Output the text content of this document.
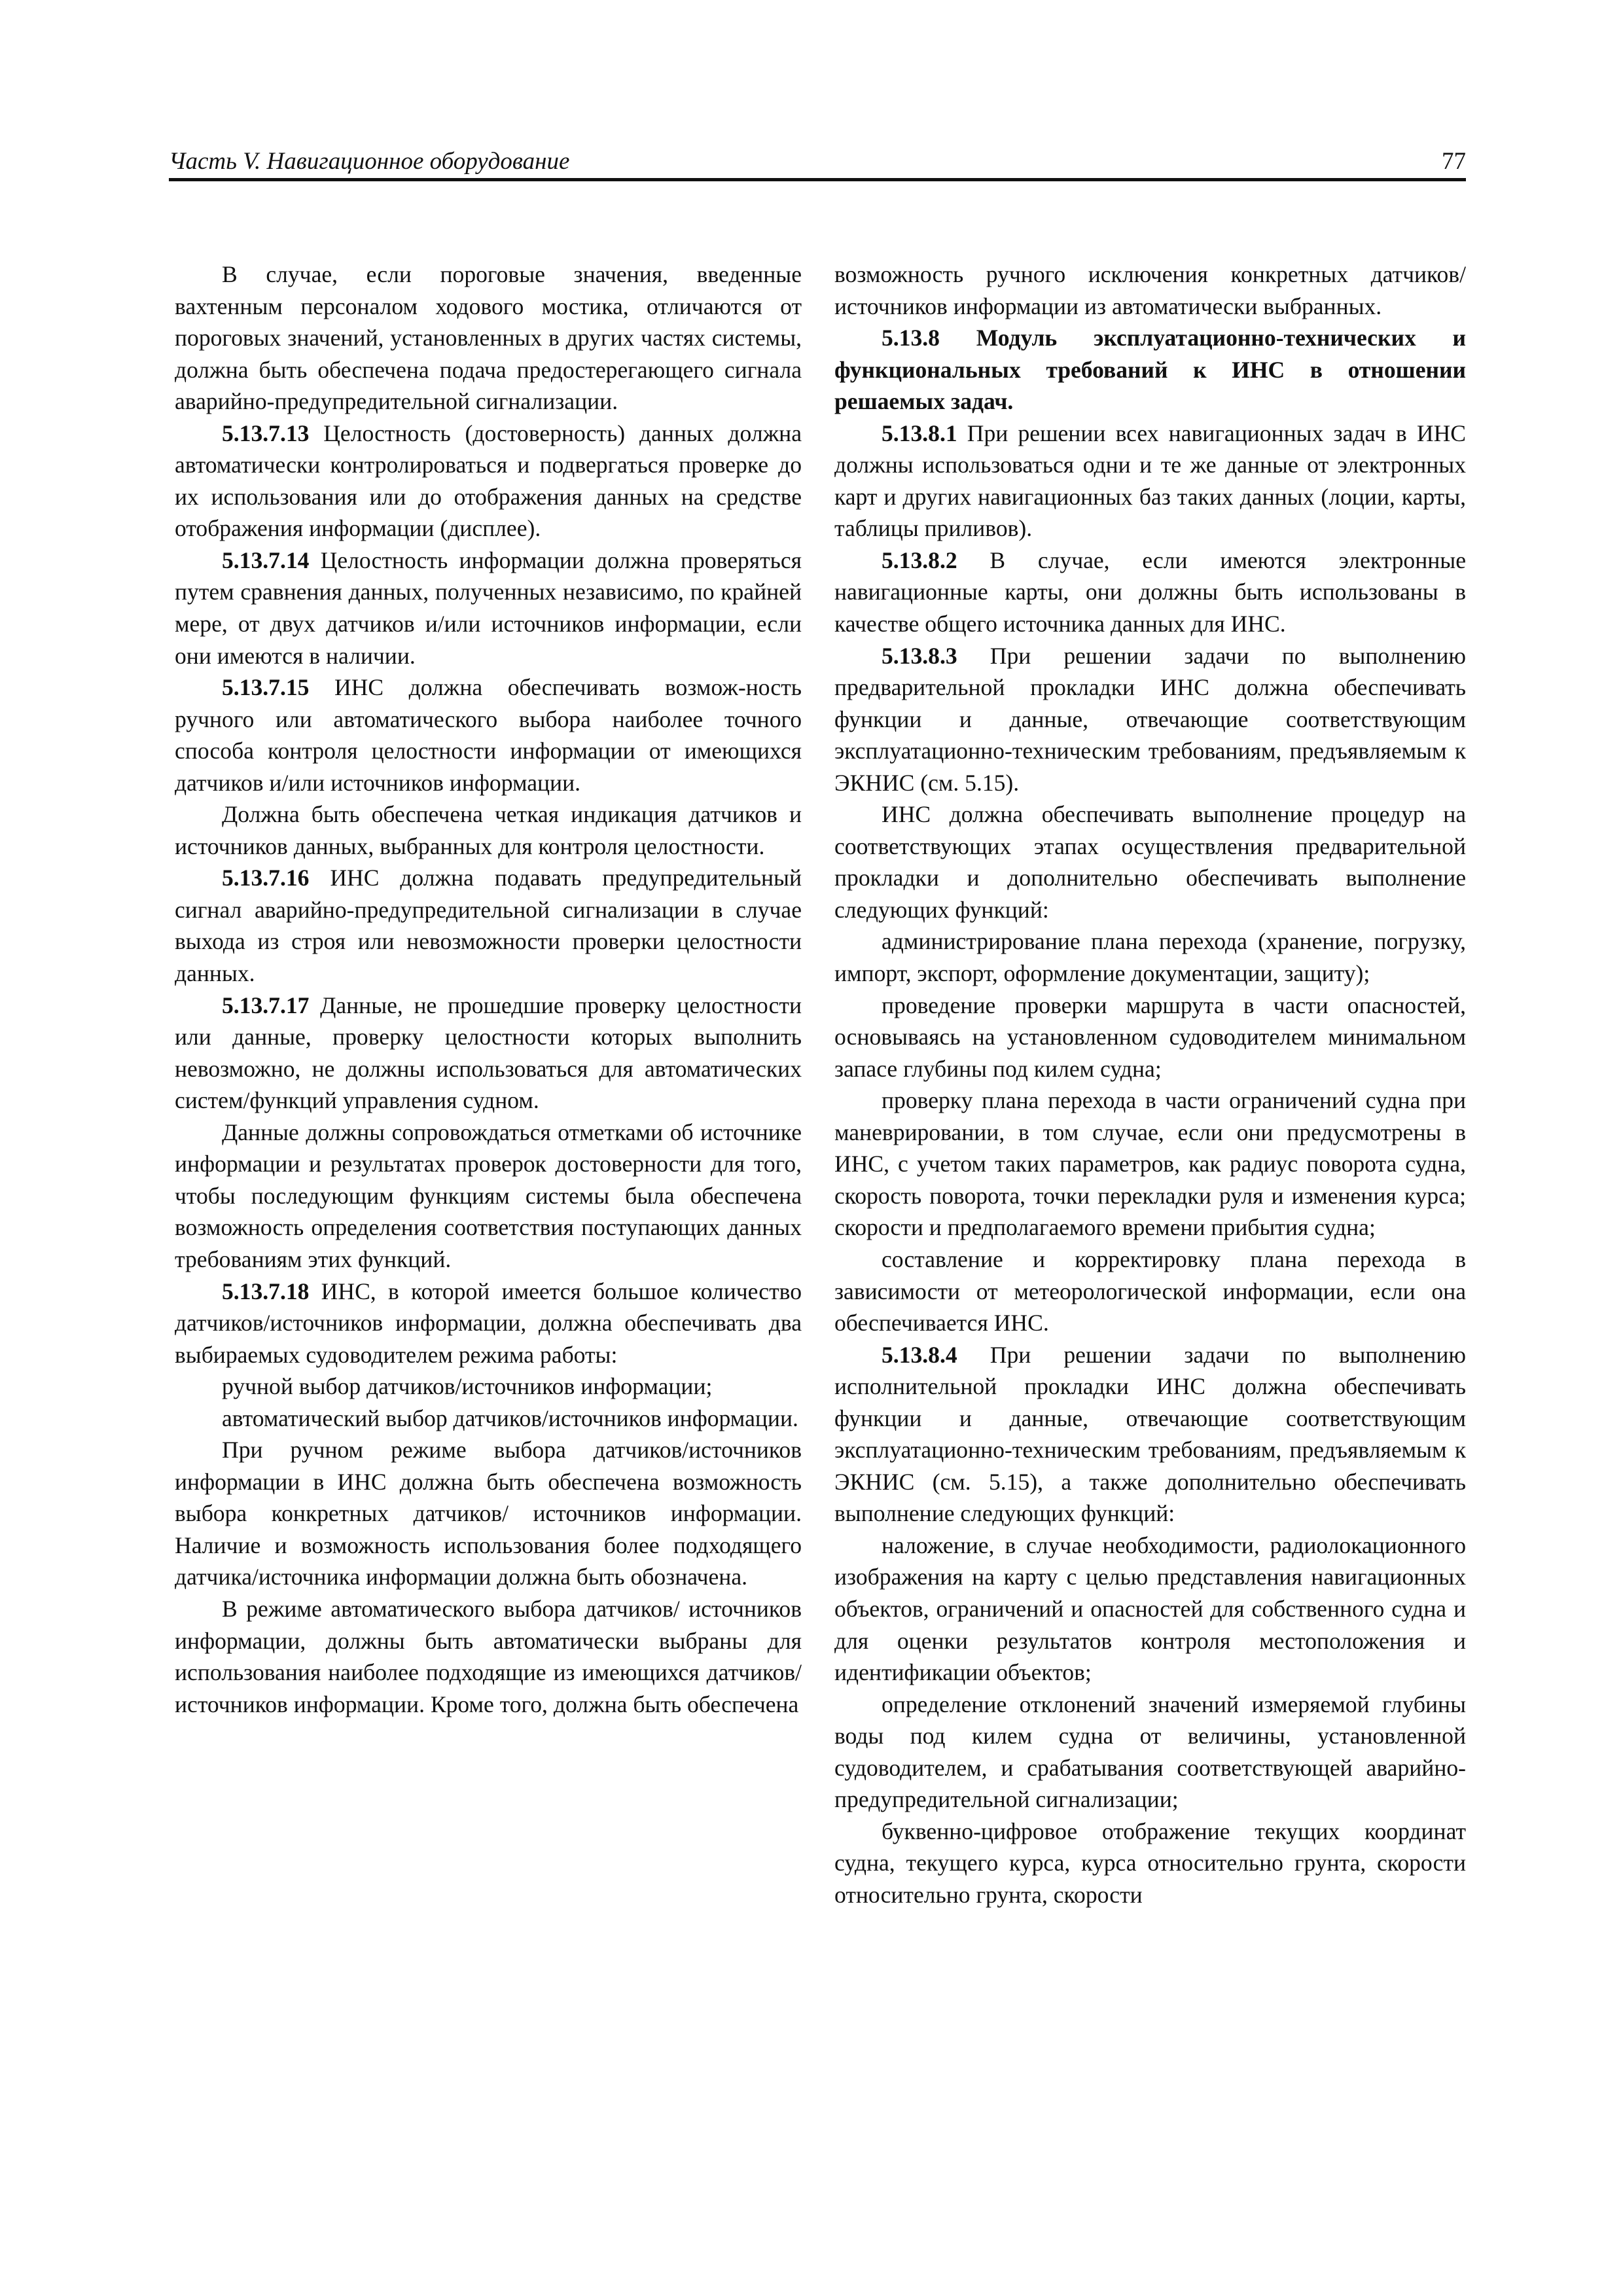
Часть V. Навигационное оборудование	77

В случае, если пороговые значения, введенные вахтенным персоналом ходового мостика, отличаются от пороговых значений, установленных в других частях системы, должна быть обеспечена подача предостерегающего сигнала аварийно-предупредительной сигнализации.

5.13.7.13 Целостность (достоверность) данных должна автоматически контролироваться и подвергаться проверке до их использования или до отображения данных на средстве отображения информации (дисплее).

5.13.7.14 Целостность информации должна проверяться путем сравнения данных, полученных независимо, по крайней мере, от двух датчиков и/или источников информации, если они имеются в наличии.

5.13.7.15 ИНС должна обеспечивать возмож-ность ручного или автоматического выбора наиболее точного способа контроля целостности информации от имеющихся датчиков и/или источников информации.

Должна быть обеспечена четкая индикация датчиков и источников данных, выбранных для контроля целостности.

5.13.7.16 ИНС должна подавать предупредительный сигнал аварийно-предупредительной сигнализации в случае выхода из строя или невозможности проверки целостности данных.

5.13.7.17 Данные, не прошедшие проверку целостности или данные, проверку целостности которых выполнить невозможно, не должны использоваться для автоматических систем/функций управления судном.

Данные должны сопровождаться отметками об источнике информации и результатах проверок достоверности для того, чтобы последующим функциям системы была обеспечена возможность определения соответствия поступающих данных требованиям этих функций.

5.13.7.18 ИНС, в которой имеется большое количество датчиков/источников информации, должна обеспечивать два выбираемых судоводителем режима работы:

ручной выбор датчиков/источников информации;

автоматический выбор датчиков/источников информации.

При ручном режиме выбора датчиков/источников информации в ИНС должна быть обеспечена возможность выбора конкретных датчиков/ источников информации. Наличие и возможность использования более подходящего датчика/источника информации должна быть обозначена.

В режиме автоматического выбора датчиков/ источников информации, должны быть автоматически выбраны для использования наиболее подходящие из имеющихся датчиков/источников информации. Кроме того, должна быть обеспечена

возможность ручного исключения конкретных датчиков/источников информации из автоматически выбранных.

5.13.8 Модуль эксплуатационно-технических и функциональных требований к ИНС в отношении решаемых задач.

5.13.8.1 При решении всех навигационных задач в ИНС должны использоваться одни и те же данные от электронных карт и других навигационных баз таких данных (лоции, карты, таблицы приливов).

5.13.8.2 В случае, если имеются электронные навигационные карты, они должны быть использованы в качестве общего источника данных для ИНС.

5.13.8.3 При решении задачи по выполнению предварительной прокладки ИНС должна обеспечивать функции и данные, отвечающие соответствующим эксплуатационно-техническим требованиям, предъявляемым к ЭКНИС (см. 5.15).

ИНС должна обеспечивать выполнение процедур на соответствующих этапах осуществления предварительной прокладки и дополнительно обеспечивать выполнение следующих функций:

администрирование плана перехода (хранение, погрузку, импорт, экспорт, оформление документации, защиту);

проведение проверки маршрута в части опасностей, основываясь на установленном судоводителем минимальном запасе глубины под килем судна;

проверку плана перехода в части ограничений судна при маневрировании, в том случае, если они предусмотрены в ИНС, с учетом таких параметров, как радиус поворота судна, скорость поворота, точки перекладки руля и изменения курса; скорости и предполагаемого времени прибытия судна;

составление и корректировку плана перехода в зависимости от метеорологической информации, если она обеспечивается ИНС.

5.13.8.4 При решении задачи по выполнению исполнительной прокладки ИНС должна обеспечивать функции и данные, отвечающие соответствующим эксплуатационно-техническим требованиям, предъявляемым к ЭКНИС (см. 5.15), а также дополнительно обеспечивать выполнение следующих функций:

наложение, в случае необходимости, радиолокационного изображения на карту с целью представления навигационных объектов, ограничений и опасностей для собственного судна и для оценки результатов контроля местоположения и идентификации объектов;

определение отклонений значений измеряемой глубины воды под килем судна от величины, установленной судоводителем, и срабатывания соответствующей аварийно-предупредительной сигнализации;

буквенно-цифровое отображение текущих координат судна, текущего курса, курса относительно грунта, скорости относительно грунта, скорости
